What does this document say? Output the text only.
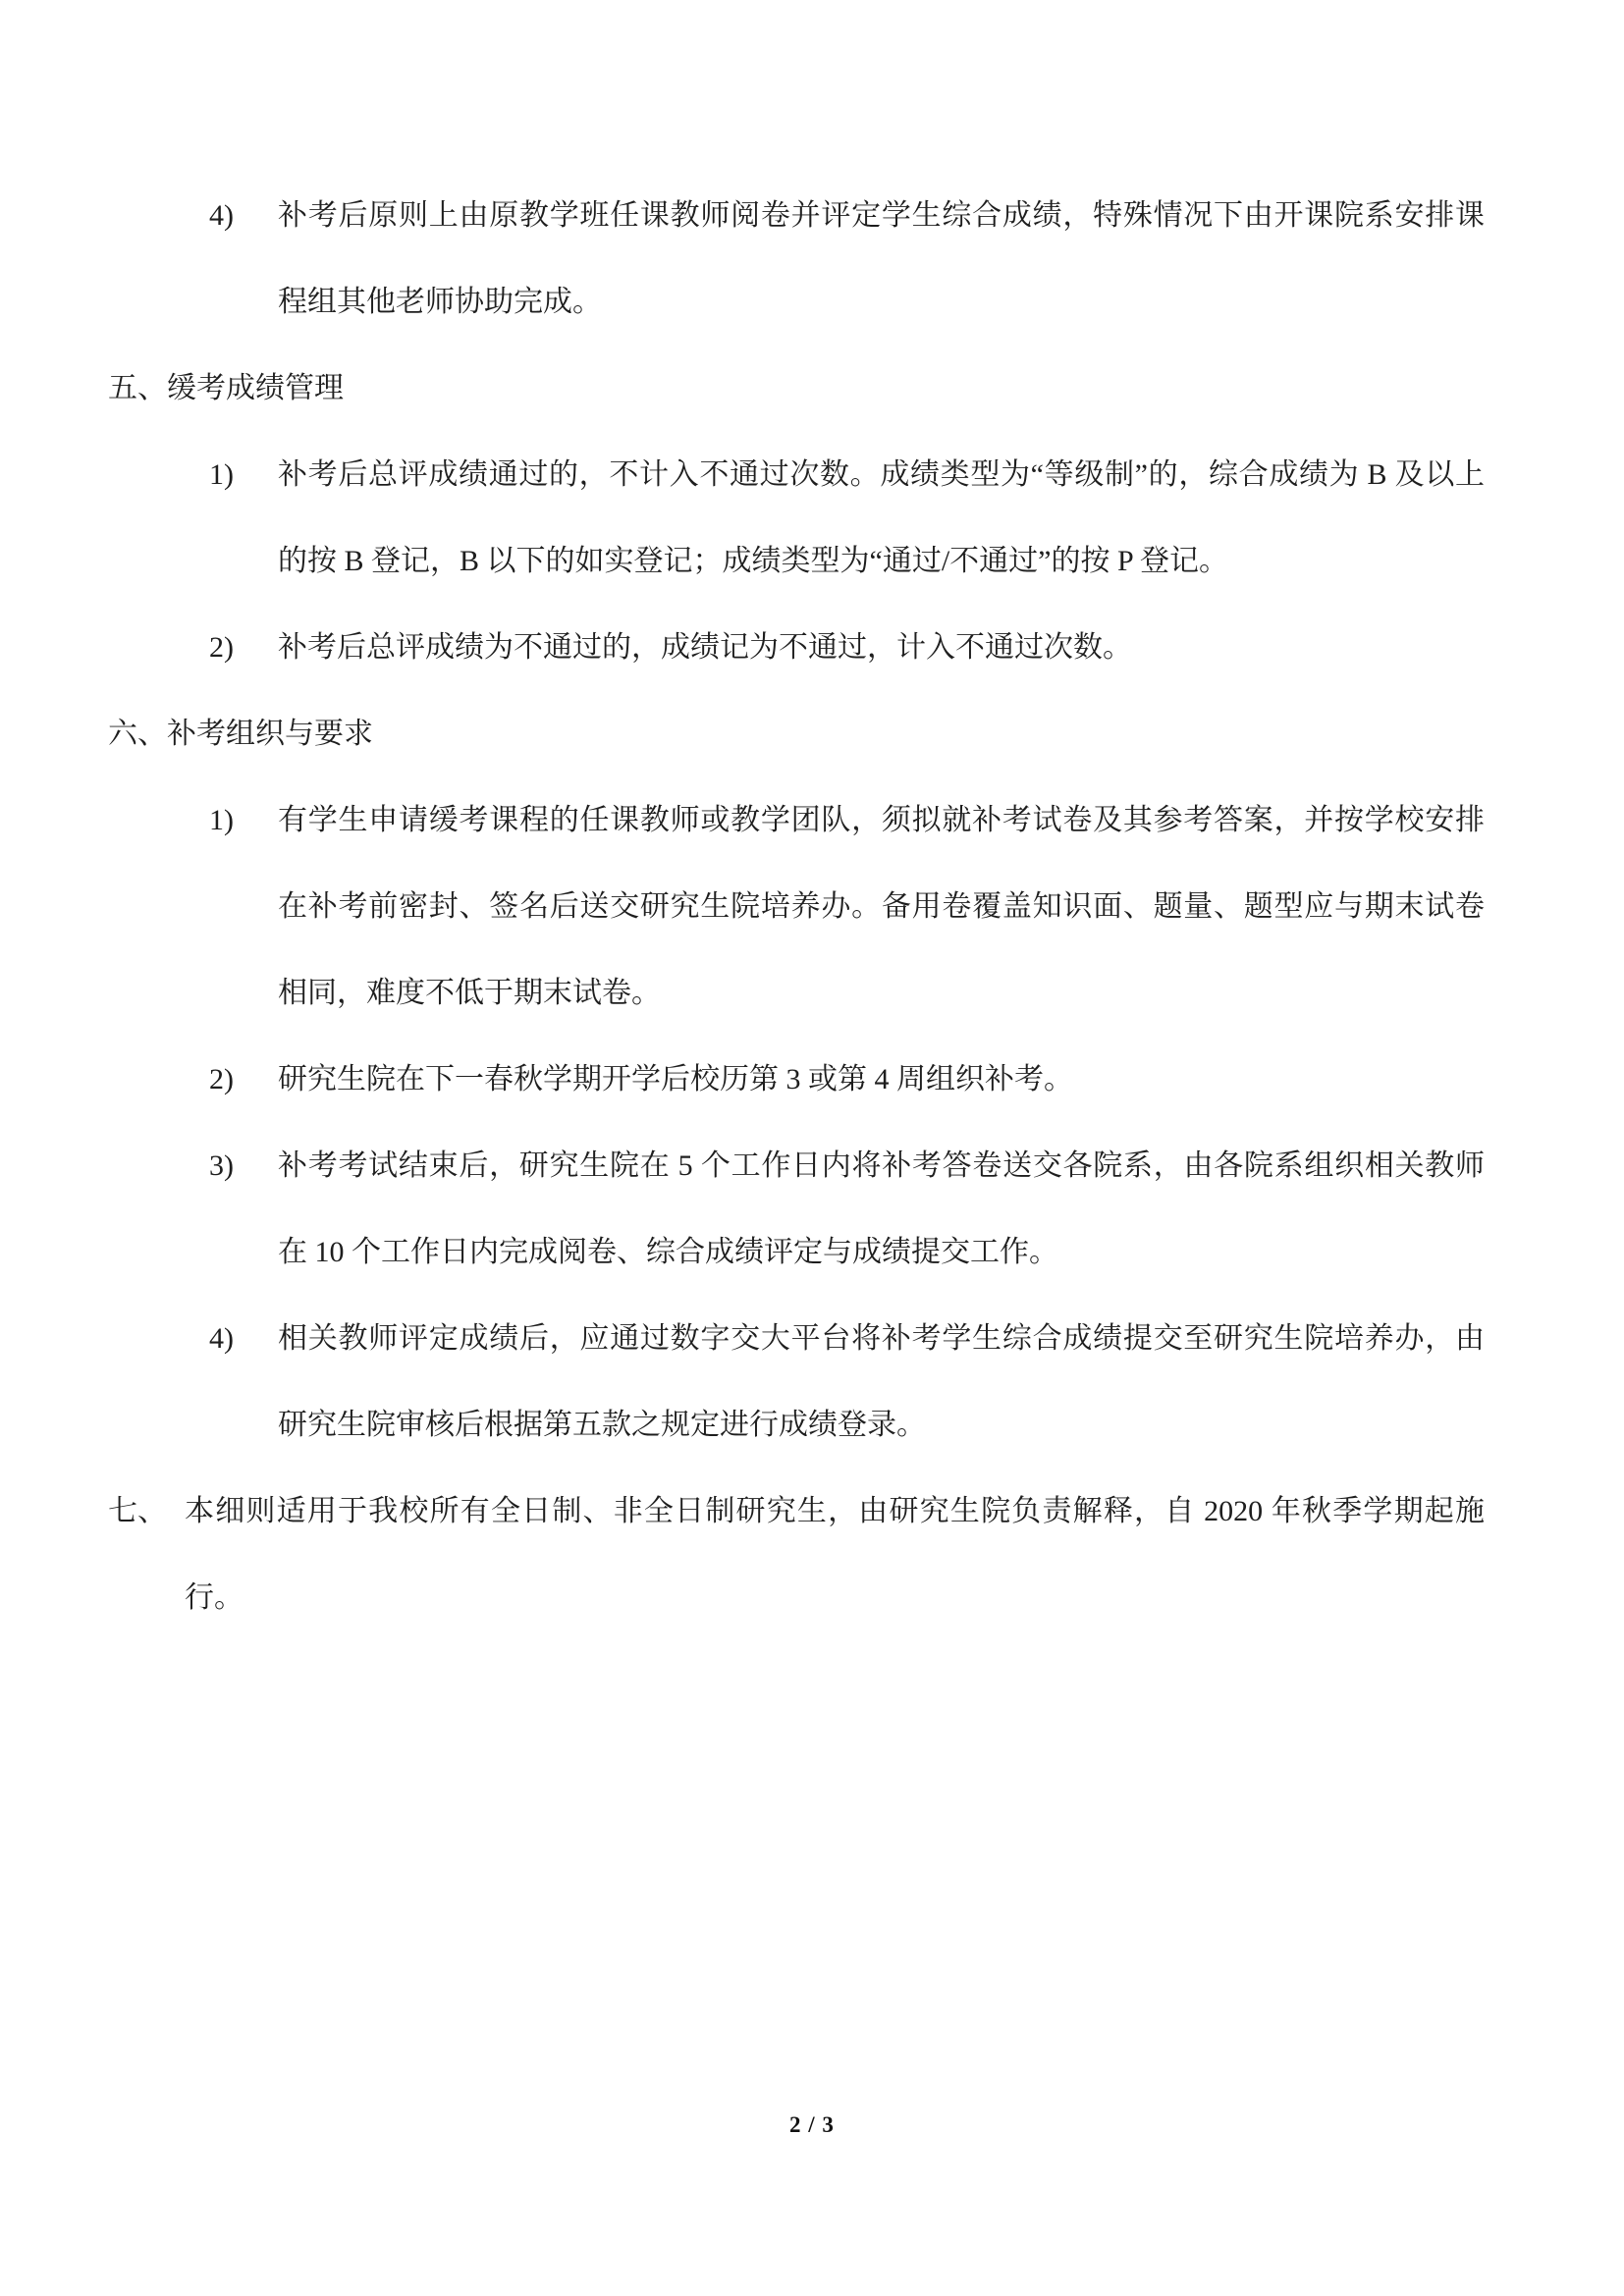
4)	补考后原则上由原教学班任课教师阅卷并评定学生综合成绩，特殊情况下由开课院系安排课程组其他老师协助完成。
五、 缓考成绩管理
1)	补考后总评成绩通过的，不计入不通过次数。成绩类型为“等级制”的，综合成绩为 B 及以上的按 B 登记，B 以下的如实登记；成绩类型为“通过/不通过”的按 P 登记。
2)	补考后总评成绩为不通过的，成绩记为不通过，计入不通过次数。
六、 补考组织与要求
1)	有学生申请缓考课程的任课教师或教学团队，须拟就补考试卷及其参考答案，并按学校安排在补考前密封、签名后送交研究生院培养办。备用卷覆盖知识面、题量、题型应与期末试卷相同，难度不低于期末试卷。
2)	研究生院在下一春秋学期开学后校历第 3 或第 4 周组织补考。
3)	补考考试结束后，研究生院在 5 个工作日内将补考答卷送交各院系，由各院系组织相关教师在 10 个工作日内完成阅卷、综合成绩评定与成绩提交工作。
4)	相关教师评定成绩后，应通过数字交大平台将补考学生综合成绩提交至研究生院培养办，由研究生院审核后根据第五款之规定进行成绩登录。
七、 本细则适用于我校所有全日制、非全日制研究生，由研究生院负责解释，自 2020 年秋季学期起施行。
2 / 3
